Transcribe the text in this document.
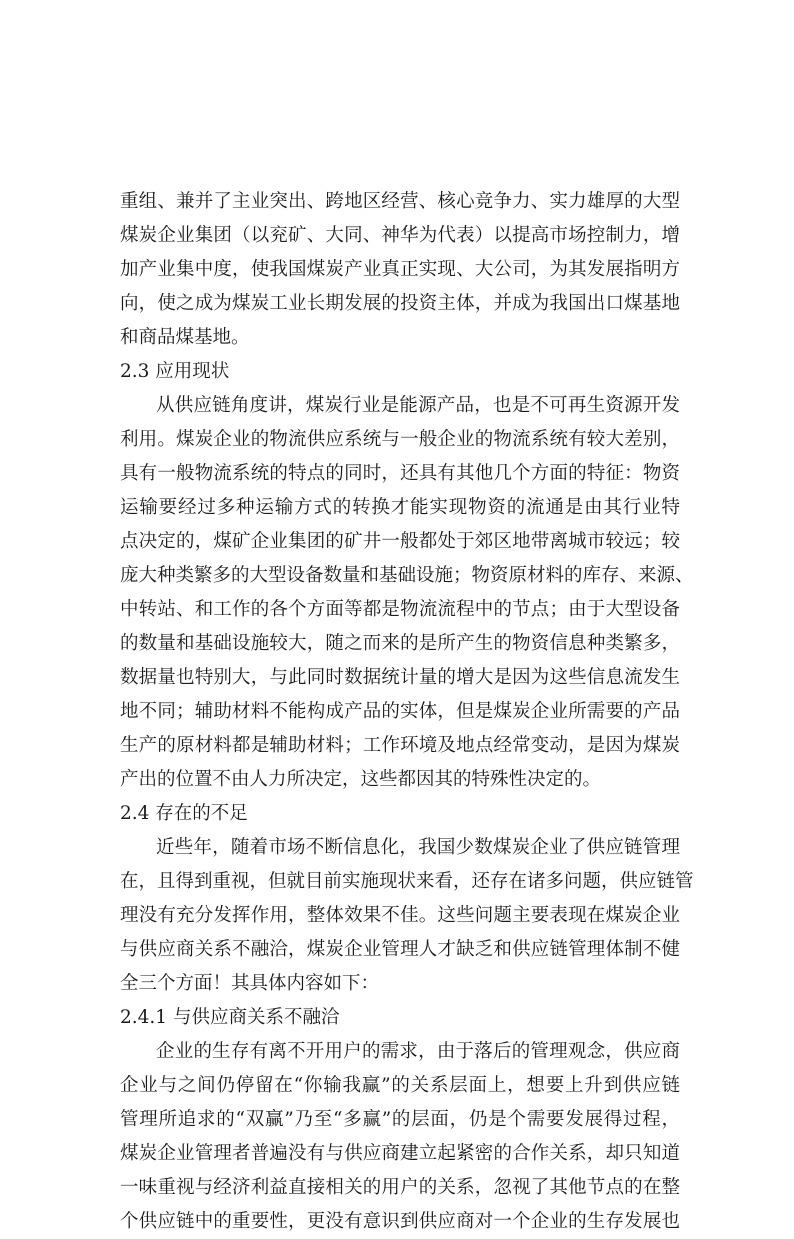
重组、兼并了主业突出、跨地区经营、核心竞争力、实力雄厚的大型
煤炭企业集团（以兖矿、大同、神华为代表）以提高市场控制力，增
加产业集中度，使我国煤炭产业真正实现、大公司，为其发展指明方
向，使之成为煤炭工业长期发展的投资主体，并成为我国出口煤基地
和商品煤基地。
2.3 应用现状
从供应链角度讲，煤炭行业是能源产品，也是不可再生资源开发
利用。煤炭企业的物流供应系统与一般企业的物流系统有较大差别，
具有一般物流系统的特点的同时，还具有其他几个方面的特征：物资
运输要经过多种运输方式的转换才能实现物资的流通是由其行业特
点决定的，煤矿企业集团的矿井一般都处于郊区地带离城市较远；较
庞大种类繁多的大型设备数量和基础设施；物资原材料的库存、来源、
中转站、和工作的各个方面等都是物流流程中的节点；由于大型设备
的数量和基础设施较大，随之而来的是所产生的物资信息种类繁多，
数据量也特别大，与此同时数据统计量的增大是因为这些信息流发生
地不同；辅助材料不能构成产品的实体，但是煤炭企业所需要的产品
生产的原材料都是辅助材料；工作环境及地点经常变动，是因为煤炭
产出的位置不由人力所决定，这些都因其的特殊性决定的。
2.4 存在的不足
近些年，随着市场不断信息化，我国少数煤炭企业了供应链管理
在，且得到重视，但就目前实施现状来看，还存在诸多问题，供应链管
理没有充分发挥作用，整体效果不佳。这些问题主要表现在煤炭企业
与供应商关系不融洽，煤炭企业管理人才缺乏和供应链管理体制不健
全三个方面！其具体内容如下：
2.4.1 与供应商关系不融洽
企业的生存有离不开用户的需求，由于落后的管理观念，供应商
企业与之间仍停留在“你输我赢”的关系层面上，想要上升到供应链
管理所追求的“双赢”乃至“多赢”的层面，仍是个需要发展得过程，
煤炭企业管理者普遍没有与供应商建立起紧密的合作关系，却只知道
一味重视与经济利益直接相关的用户的关系，忽视了其他节点的在整
个供应链中的重要性，更没有意识到供应商对一个企业的生存发展也
